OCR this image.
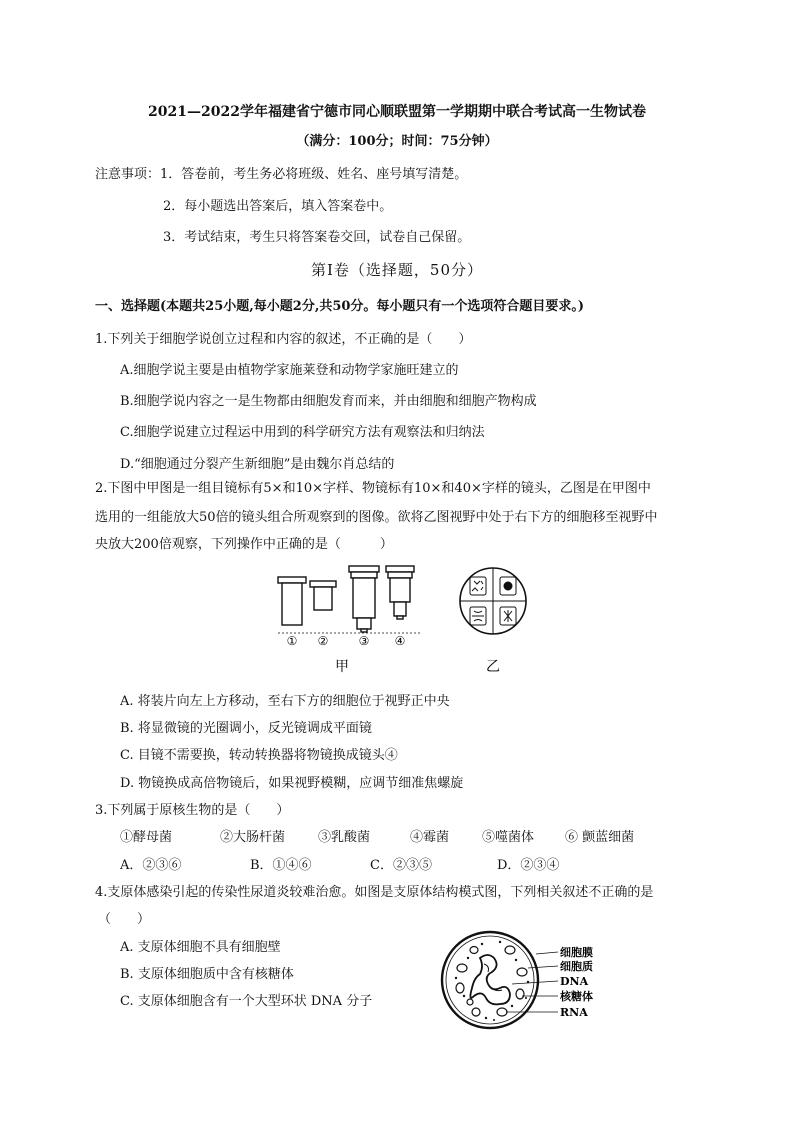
2021—2022学年福建省宁德市同心顺联盟第一学期期中联合考试高一生物试卷
（满分：100分；时间：75分钟）
注意事项：1．答卷前，考生务必将班级、姓名、座号填写清楚。
2．每小题选出答案后，填入答案卷中。
3．考试结束，考生只将答案卷交回，试卷自己保留。
第Ⅰ卷（选择题，50分）
一、选择题(本题共25小题,每小题2分,共50分。每小题只有一个选项符合题目要求。)
1.下列关于细胞学说创立过程和内容的叙述，不正确的是（　　）
A.细胞学说主要是由植物学家施莱登和动物学家施旺建立的
B.细胞学说内容之一是生物都由细胞发育而来，并由细胞和细胞产物构成
C.细胞学说建立过程运中用到的科学研究方法有观察法和归纳法
D.“细胞通过分裂产生新细胞”是由魏尔肖总结的
2.下图中甲图是一组目镜标有5×和10×字样、物镜标有10×和40×字样的镜头，乙图是在甲图中
选用的一组能放大50倍的镜头组合所观察到的图像。欲将乙图视野中处于右下方的细胞移至视野中
央放大200倍观察，下列操作中正确的是（　　　）
① ②	③ ④
甲	乙
A. 将装片向左上方移动，至右下方的细胞位于视野正中央
B. 将显微镜的光圈调小，反光镜调成平面镜
C. 目镜不需要换，转动转换器将物镜换成镜头④
D. 物镜换成高倍物镜后，如果视野模糊，应调节细准焦螺旋
3.下列属于原核生物的是（　　）
①酵母菌	②大肠杆菌	③乳酸菌	④霉菌	⑤噬菌体 ⑥ 颤蓝细菌
A．②③⑥	B．①④⑥	C．②③⑤	D．②③④
4.支原体感染引起的传染性尿道炎较难治愈。如图是支原体结构模式图，下列相关叙述不正确的是
（　　）
A. 支原体细胞不具有细胞壁
B. 支原体细胞质中含有核糖体
C. 支原体细胞含有一个大型环状 DNA 分子
细胞膜
细胞质
DNA
核糖体
RNA
